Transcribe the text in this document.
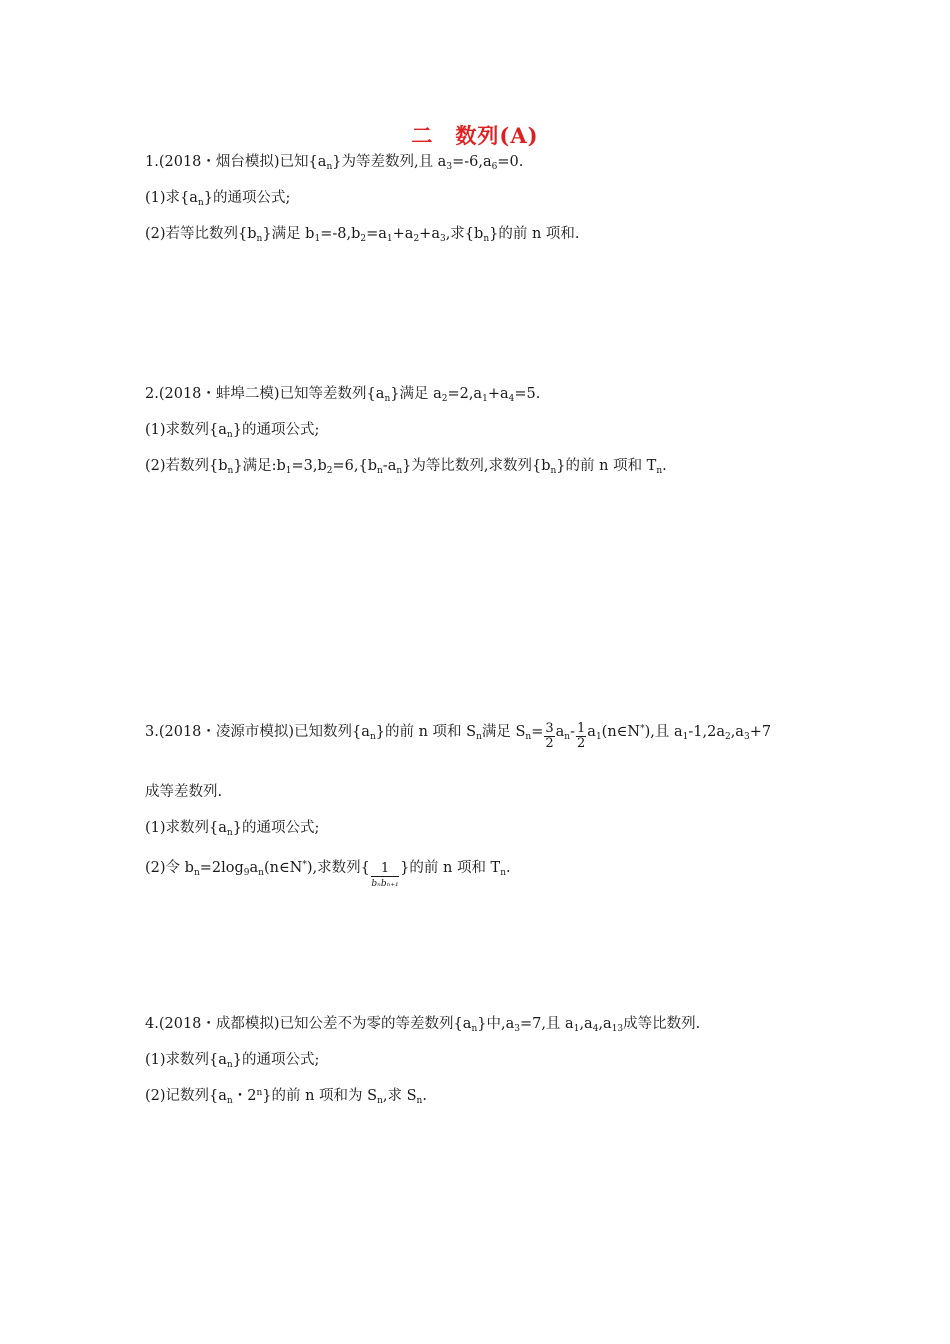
二　数列(A)
1.(2018・烟台模拟)已知$\{a_n\}$为等差数列,且 $a_3=-6,a_6=0$.
(1)求$\{a_n\}$的通项公式;
(2)若等比数列$\{b_n\}$满足 $b_1=-8,b_2=a_1+a_2+a_3$,求$\{b_n\}$的前 n 项和.
2.(2018・蚌埠二模)已知等差数列$\{a_n\}$满足 $a_2=2,a_1+a_4=5$.
(1)求数列$\{a_n\}$的通项公式;
(2)若数列$\{b_n\}$满足$:b_1=3,b_2=6,\{b_n-a_n\}$为等比数列,求数列$\{b_n\}$的前 n 项和 $T_n$.
3.(2018・凌源市模拟)已知数列$\{a_n\}$的前 n 项和 $S_n$满足 $S_n= \frac{3}{2} a_n- \frac{1}{2}$ $a_1(n\in N^*)$,且 $a_1-1,2a_2,a_3+7$
成等差数列.
(1)求数列$\{a_n\}$的通项公式;
(2)令 $b_n=2\log_9a_n(n\in N^*)$,求数列{ $\frac{1}{\text{bₙbₙ₊₁}}$ }的前 n 项和 $T_n$.
4.(2018・成都模拟)已知公差不为零的等差数列$\{a_n\}$中$,a_3=7$,且 $a_1,a_4,a_{13}$成等比数列.
(1)求数列$\{a_n\}$的通项公式;
(2)记数列{$a_n$・2$^n$}的前 n 项和为 $S_n$,求 $S_n$.
